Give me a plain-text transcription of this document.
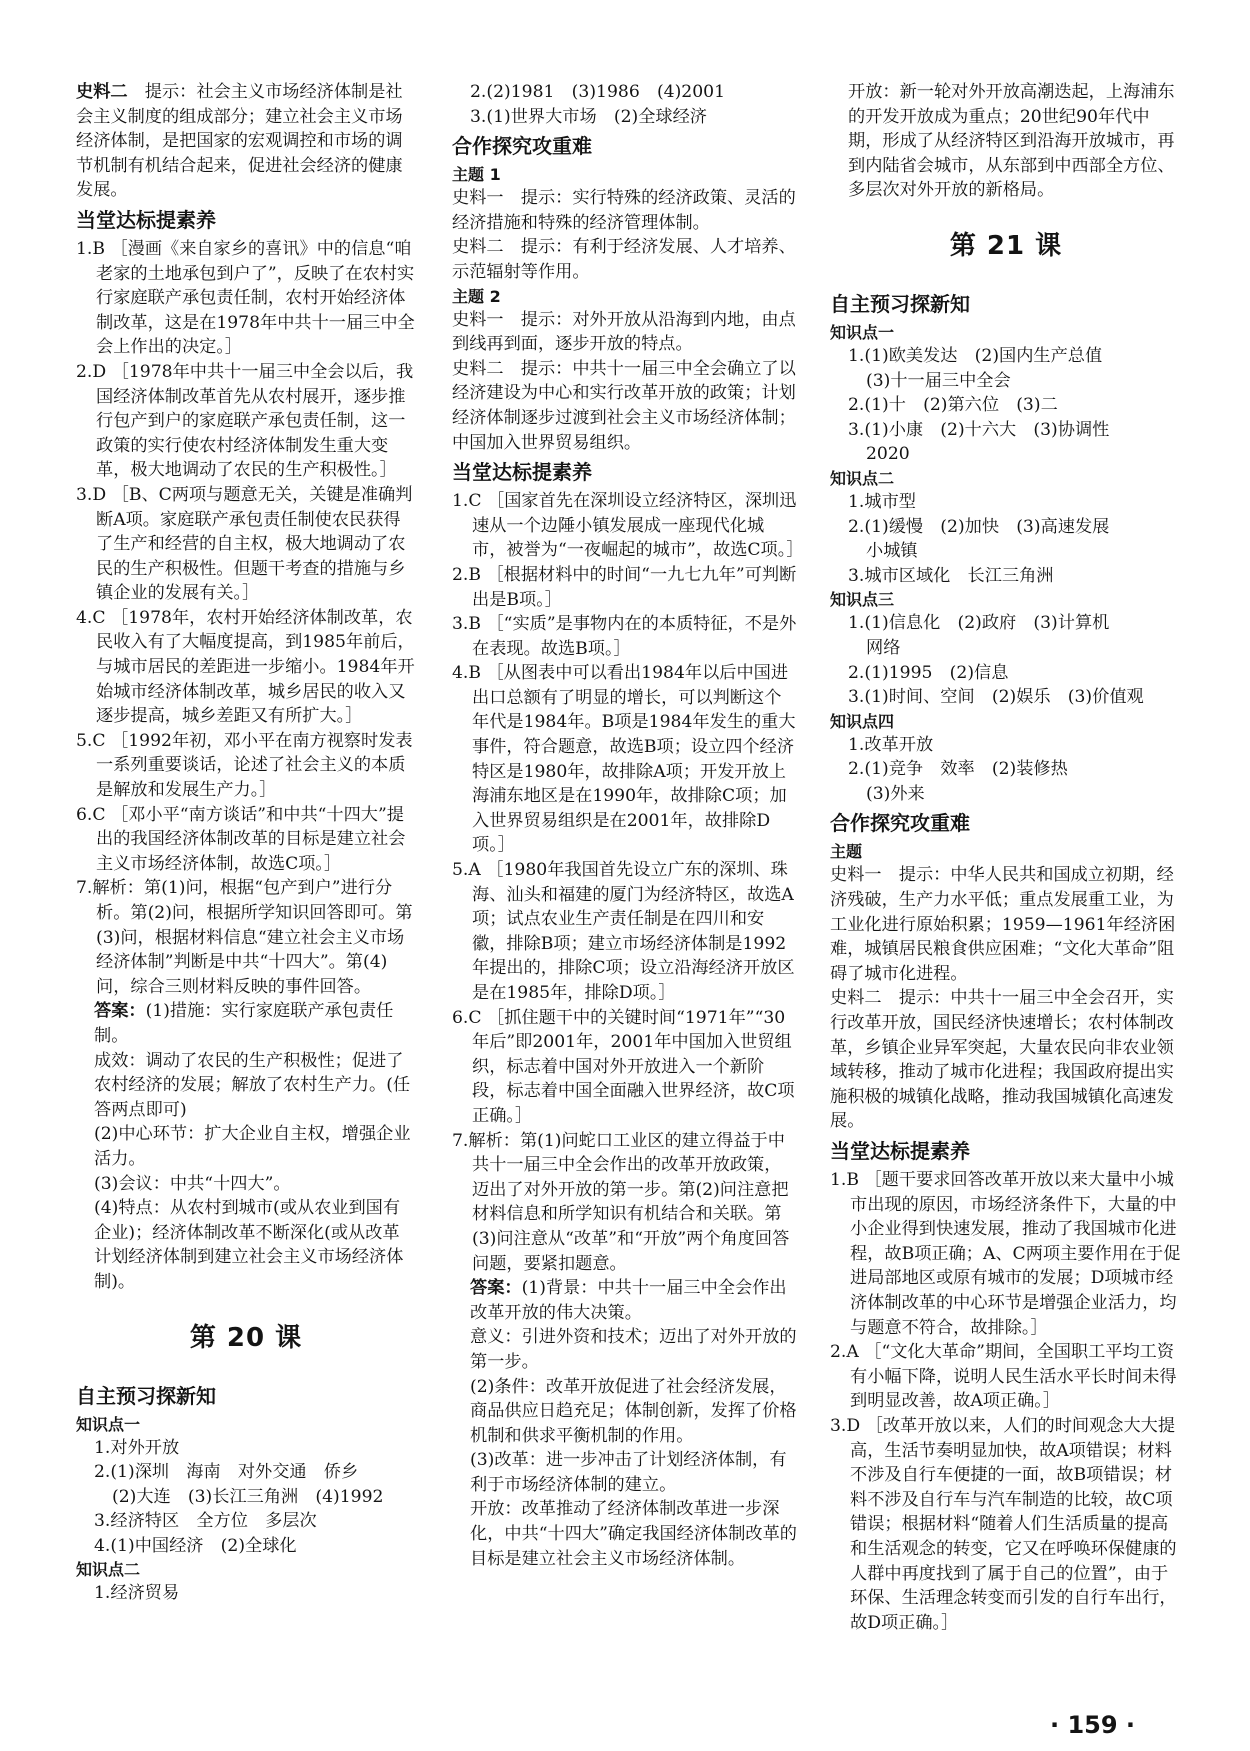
史料二　 提示：社会主义市场经济体制是社会主义制度的组成部分；建立社会主义市场经济体制，是把国家的宏观调控和市场的调节机制有机结合起来，促进社会经济的健康发展。

当堂达标提素养

1.B ［漫画《来自家乡的喜讯》中的信息“咱老家的土地承包到户了”，反映了在农村实行家庭联产承包责任制，农村开始经济体制改革，这是在1978年中共十一届三中全会上作出的决定。］

2.D ［1978年中共十一届三中全会以后，我国经济体制改革首先从农村展开，逐步推行包产到户的家庭联产承包责任制，这一政策的实行使农村经济体制发生重大变革，极大地调动了农民的生产积极性。］

3.D ［B、C两项与题意无关，关键是准确判断A项。家庭联产承包责任制使农民获得了生产和经营的自主权，极大地调动了农民的生产积极性。但题干考查的措施与乡镇企业的发展有关。］

4.C ［1978年，农村开始经济体制改革，农民收入有了大幅度提高，到1985年前后，与城市居民的差距进一步缩小。1984年开始城市经济体制改革，城乡居民的收入又逐步提高，城乡差距又有所扩大。］

5.C ［1992年初，邓小平在南方视察时发表一系列重要谈话，论述了社会主义的本质是解放和发展生产力。］

6.C ［邓小平“南方谈话”和中共“十四大”提出的我国经济体制改革的目标是建立社会主义市场经济体制，故选C项。］

7.解析：第(1)问，根据“包产到户”进行分析。第(2)问，根据所学知识回答即可。第(3)问，根据材料信息“建立社会主义市场经济体制”判断是中共“十四大”。第(4)问，综合三则材料反映的事件回答。

答案：(1)措施：实行家庭联产承包责任制。

成效：调动了农民的生产积极性；促进了农村经济的发展；解放了农村生产力。(任答两点即可)

(2)中心环节：扩大企业自主权，增强企业活力。

(3)会议：中共“十四大”。

(4)特点：从农村到城市(或从农业到国有企业)；经济体制改革不断深化(或从改革计划经济体制到建立社会主义市场经济体制)。

第 20 课
自主预习探新知
知识点一

1.对外开放

2.(1)深圳　海南　对外交通　侨乡

(2)大连　(3)长江三角洲　(4)1992

3.经济特区　全方位　多层次

4.(1)中国经济　(2)全球化

知识点二

1.经济贸易

2.(2)1981　(3)1986　(4)2001

3.(1)世界大市场　(2)全球经济

合作探究攻重难
主题 1

史料一　提示：实行特殊的经济政策、灵活的经济措施和特殊的经济管理体制。

史料二　提示：有利于经济发展、人才培养、示范辐射等作用。

主题 2

史料一　提示：对外开放从沿海到内地，由点到线再到面，逐步开放的特点。

史料二　提示：中共十一届三中全会确立了以经济建设为中心和实行改革开放的政策；计划经济体制逐步过渡到社会主义市场经济体制；中国加入世界贸易组织。

当堂达标提素养

1.C ［国家首先在深圳设立经济特区，深圳迅速从一个边陲小镇发展成一座现代化城市，被誉为“一夜崛起的城市”，故选C项。］

2.B ［根据材料中的时间“一九七九年”可判断出是B项。］

3.B ［“实质”是事物内在的本质特征，不是外在表现。故选B项。］

4.B ［从图表中可以看出1984年以后中国进出口总额有了明显的增长，可以判断这个年代是1984年。B项是1984年发生的重大事件，符合题意，故选B项；设立四个经济特区是1980年，故排除A项；开发开放上海浦东地区是在1990年，故排除C项；加入世界贸易组织是在2001年，故排除D项。］

5.A ［1980年我国首先设立广东的深圳、珠海、汕头和福建的厦门为经济特区，故选A项；试点农业生产责任制是在四川和安徽，排除B项；建立市场经济体制是1992年提出的，排除C项；设立沿海经济开放区是在1985年，排除D项。］

6.C ［抓住题干中的关键时间“1971年”“30年后”即2001年，2001年中国加入世贸组织，标志着中国对外开放进入一个新阶段，标志着中国全面融入世界经济，故C项正确。］

7.解析：第(1)问蛇口工业区的建立得益于中共十一届三中全会作出的改革开放政策，迈出了对外开放的第一步。第(2)问注意把材料信息和所学知识有机结合和关联。第(3)问注意从“改革”和“开放”两个角度回答问题，要紧扣题意。

答案：(1)背景：中共十一届三中全会作出改革开放的伟大决策。

意义：引进外资和技术；迈出了对外开放的第一步。

(2)条件：改革开放促进了社会经济发展，商品供应日趋充足；体制创新，发挥了价格机制和供求平衡机制的作用。

(3)改革：进一步冲击了计划经济体制，有利于市场经济体制的建立。

开放：改革推动了经济体制改革进一步深化，中共“十四大”确定我国经济体制改革的目标是建立社会主义市场经济体制。

开放：新一轮对外开放高潮迭起，上海浦东的开发开放成为重点；20世纪90年代中期，形成了从经济特区到沿海开放城市，再到内陆省会城市，从东部到中西部全方位、多层次对外开放的新格局。

第 21 课
自主预习探新知
知识点一

1.(1)欧美发达　(2)国内生产总值

(3)十一届三中全会

2.(1)十　(2)第六位　(3)二

3.(1)小康　(2)十六大　(3)协调性

2020

知识点二

1.城市型

2.(1)缓慢　(2)加快　(3)高速发展

小城镇

3.城市区域化　长江三角洲

知识点三

1.(1)信息化　(2)政府　(3)计算机

网络

2.(1)1995　(2)信息

3.(1)时间、空间　(2)娱乐　(3)价值观

知识点四

1.改革开放

2.(1)竞争　效率　(2)装修热

(3)外来

合作探究攻重难
主题

史料一　提示：中华人民共和国成立初期，经济残破，生产力水平低；重点发展重工业，为工业化进行原始积累；1959—1961年经济困难，城镇居民粮食供应困难；“文化大革命”阻碍了城市化进程。

史料二　提示：中共十一届三中全会召开，实行改革开放，国民经济快速增长；农村体制改革，乡镇企业异军突起，大量农民向非农业领域转移，推动了城市化进程；我国政府提出实施积极的城镇化战略，推动我国城镇化高速发展。

当堂达标提素养

1.B ［题干要求回答改革开放以来大量中小城市出现的原因，市场经济条件下，大量的中小企业得到快速发展，推动了我国城市化进程，故B项正确；A、C两项主要作用在于促进局部地区或原有城市的发展；D项城市经济体制改革的中心环节是增强企业活力，均与题意不符合，故排除。］

2.A ［“文化大革命”期间，全国职工平均工资有小幅下降，说明人民生活水平长时间未得到明显改善，故A项正确。］

3.D ［改革开放以来，人们的时间观念大大提高，生活节奏明显加快，故A项错误；材料不涉及自行车便捷的一面，故B项错误；材料不涉及自行车与汽车制造的比较，故C项错误；根据材料“随着人们生活质量的提高和生活观念的转变，它又在呼唤环保健康的人群中再度找到了属于自己的位置”，由于环保、生活理念转变而引发的自行车出行，故D项正确。］

· 159 ·
